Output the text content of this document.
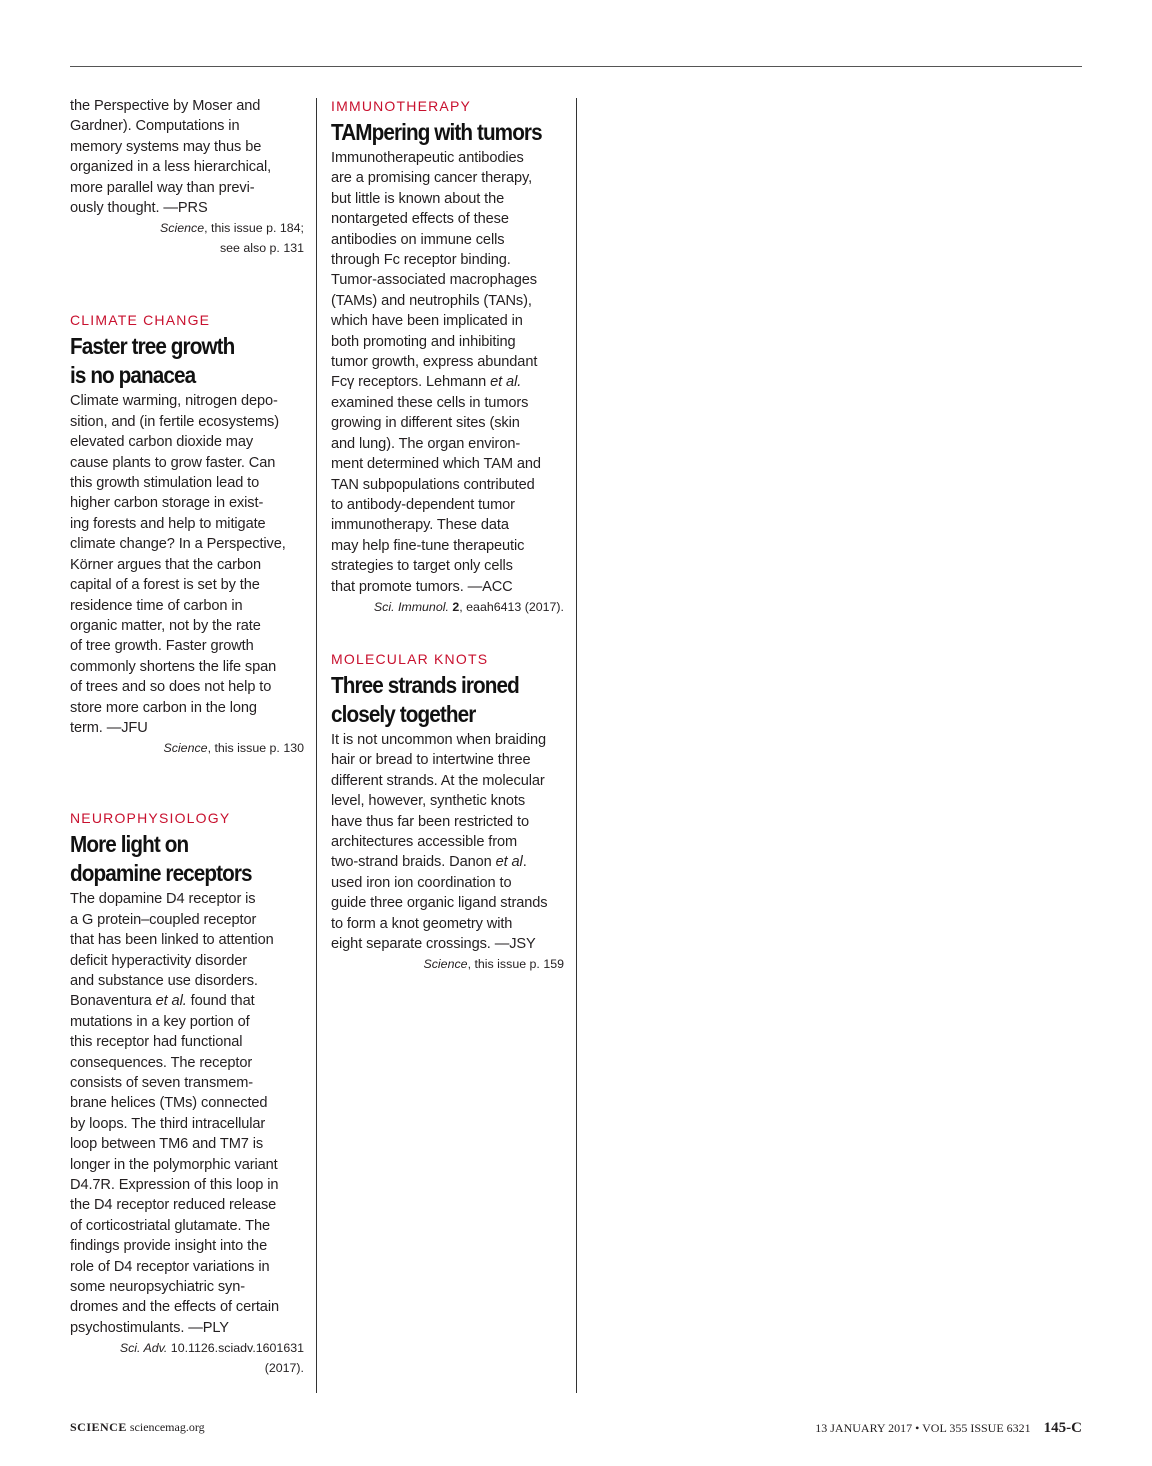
the Perspective by Moser and

Gardner). Computations in

memory systems may thus be

organized in a less hierarchical,

more parallel way than previ-

ously thought. —PRS

Science, this issue p. 184;

see also p. 131

CLIMATE CHANGE

Faster tree growth
is no panacea

Climate warming, nitrogen depo-

sition, and (in fertile ecosystems)

elevated carbon dioxide may

cause plants to grow faster. Can

this growth stimulation lead to

higher carbon storage in exist-

ing forests and help to mitigate

climate change? In a Perspective,

Körner argues that the carbon

capital of a forest is set by the

residence time of carbon in

organic matter, not by the rate

of tree growth. Faster growth

commonly shortens the life span

of trees and so does not help to

store more carbon in the long

term. —JFU

Science, this issue p. 130

NEUROPHYSIOLOGY

More light on
dopamine receptors

The dopamine D4 receptor is

a G protein–coupled receptor

that has been linked to attention

deficit hyperactivity disorder

and substance use disorders.

Bonaventura et al. found that

mutations in a key portion of

this receptor had functional

consequences. The receptor

consists of seven transmem-

brane helices (TMs) connected

by loops. The third intracellular

loop between TM6 and TM7 is

longer in the polymorphic variant

D4.7R. Expression of this loop in

the D4 receptor reduced release

of corticostriatal glutamate. The

findings provide insight into the

role of D4 receptor variations in

some neuropsychiatric syn-

dromes and the effects of certain

psychostimulants. —PLY

Sci. Adv. 10.1126.sciadv.1601631

(2017).

IMMUNOTHERAPY

TAMpering with tumors

Immunotherapeutic antibodies

are a promising cancer therapy,

but little is known about the

nontargeted effects of these

antibodies on immune cells

through Fc receptor binding.

Tumor-associated macrophages

(TAMs) and neutrophils (TANs),

which have been implicated in

both promoting and inhibiting

tumor growth, express abundant

Fcγ receptors. Lehmann et al.

examined these cells in tumors

growing in different sites (skin

and lung). The organ environ-

ment determined which TAM and

TAN subpopulations contributed

to antibody-dependent tumor

immunotherapy. These data

may help fine-tune therapeutic

strategies to target only cells

that promote tumors. —ACC

Sci. Immunol. 2, eaah6413 (2017).

MOLECULAR KNOTS

Three strands ironed
closely together

It is not uncommon when braiding

hair or bread to intertwine three

different strands. At the molecular

level, however, synthetic knots

have thus far been restricted to

architectures accessible from

two-strand braids. Danon et al.

used iron ion coordination to

guide three organic ligand strands

to form a knot geometry with

eight separate crossings. —JSY

Science, this issue p. 159

SCIENCE sciencemag.org	13 JANUARY 2017 • VOL 355 ISSUE 6321 145-C
